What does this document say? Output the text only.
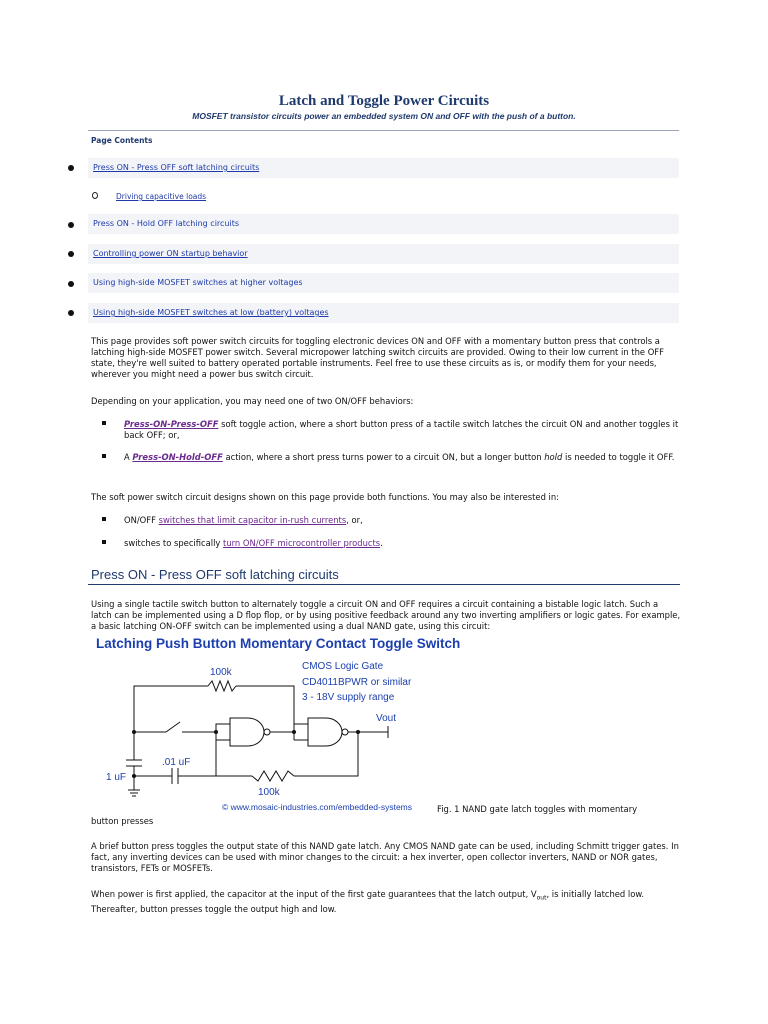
Latch and Toggle Power Circuits
MOSFET transistor circuits power an embedded system ON and OFF with the push of a button.
Page Contents
Press ON - Press OFF soft latching circuits
Driving capacitive loads
Press ON - Hold OFF latching circuits
Controlling power ON startup behavior
Using high-side MOSFET switches at higher voltages
Using high-side MOSFET switches at low (battery) voltages
This page provides soft power switch circuits for toggling electronic devices ON and OFF with a momentary button press that controls a latching high-side MOSFET power switch. Several micropower latching switch circuits are provided. Owing to their low current in the OFF state, they're well suited to battery operated portable instruments. Feel free to use these circuits as is, or modify them for your needs, wherever you might need a power bus switch circuit.
Depending on your application, you may need one of two ON/OFF behaviors:
Press-ON-Press-OFF soft toggle action, where a short button press of a tactile switch latches the circuit ON and another toggles it back OFF; or,
A Press-ON-Hold-OFF action, where a short press turns power to a circuit ON, but a longer button hold is needed to toggle it OFF.
The soft power switch circuit designs shown on this page provide both functions. You may also be interested in:
ON/OFF switches that limit capacitor in-rush currents, or,
switches to specifically turn ON/OFF microcontroller products.
Press ON - Press OFF soft latching circuits
Using a single tactile switch button to alternately toggle a circuit ON and OFF requires a circuit containing a bistable logic latch. Such a latch can be implemented using a D flop flop, or by using positive feedback around any two inverting amplifiers or logic gates. For example, a basic latching ON-OFF switch can be implemented using a dual NAND gate, using this circuit:
Latching Push Button Momentary Contact Toggle Switch
CMOS Logic Gate
CD4011BPWR or similar
3 - 18V supply range
100k
Vout
.01 uF
1 uF
100k
© www.mosaic-industries.com/embedded-systems	Fig. 1 NAND gate latch toggles with momentary
button presses
A brief button press toggles the output state of this NAND gate latch. Any CMOS NAND gate can be used, including Schmitt trigger gates. In fact, any inverting devices can be used with minor changes to the circuit: a hex inverter, open collector inverters, NAND or NOR gates, transistors, FETs or MOSFETs.
When power is first applied, the capacitor at the input of the first gate guarantees that the latch output, $V_{out}$, is initially latched low. Thereafter, button presses toggle the output high and low.
